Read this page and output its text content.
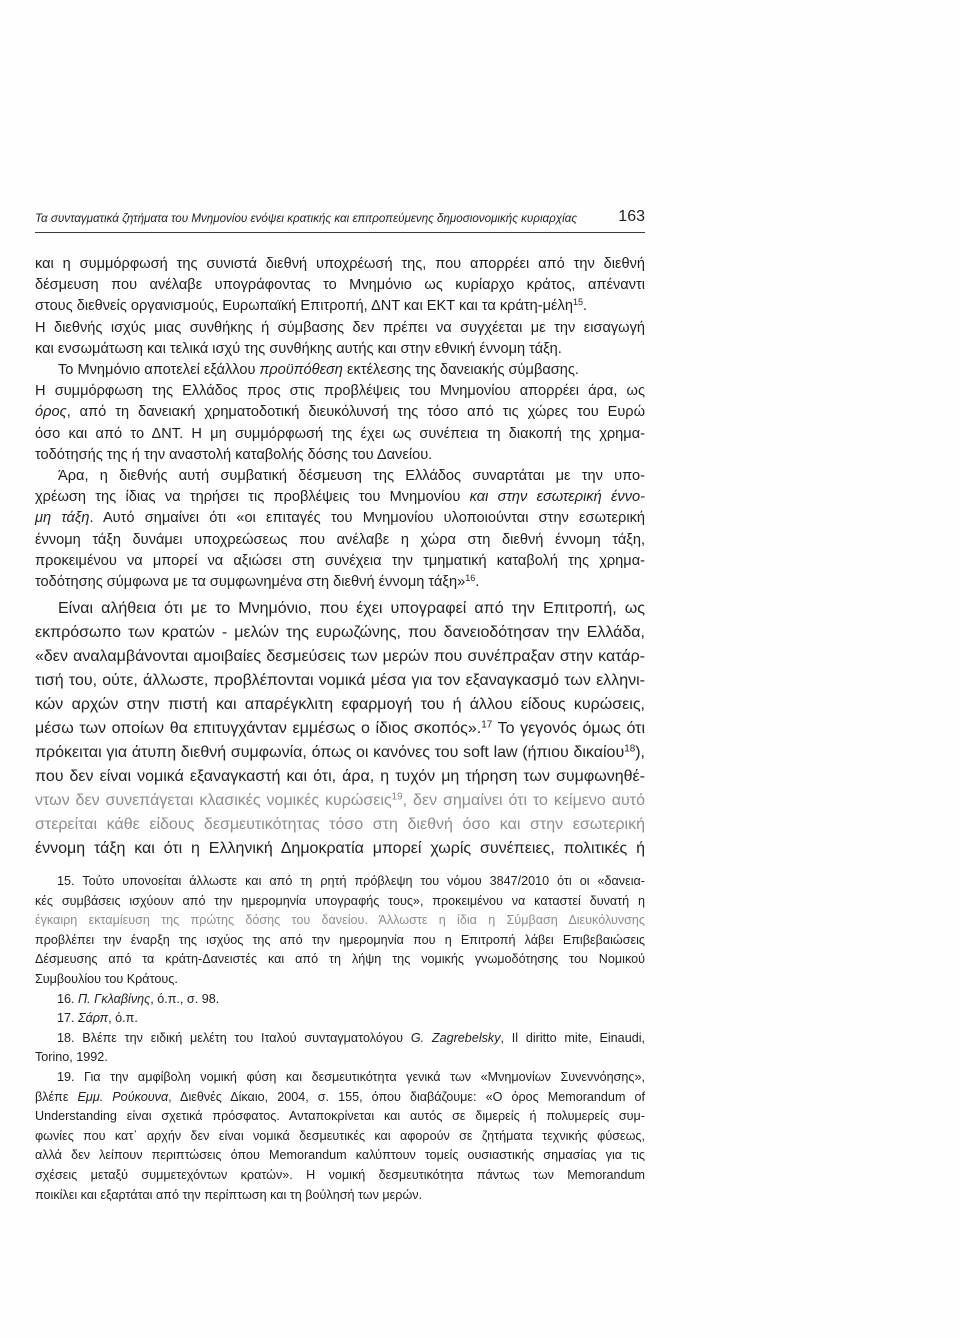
Τα συνταγματικά ζητήματα του Μνημονίου ενόψει κρατικής και επιτροπεύμενης δημοσιονομικής κυριαρχίας	163
και η συμμόρφωσή της συνιστά διεθνή υποχρέωσή της, που απορρέει από την διεθνή
δέσμευση που ανέλαβε υπογράφοντας το Μνημόνιο ως κυρίαρχο κράτος, απέναντι
στους διεθνείς οργανισμούς, Ευρωπαϊκή Επιτροπή, ΔΝΤ και ΕΚΤ και τα κράτη-μέλη$^{15}$.
Η διεθνής ισχύς μιας συνθήκης ή σύμβασης δεν πρέπει να συγχέεται με την εισαγωγή
και ενσωμάτωση και τελικά ισχύ της συνθήκης αυτής και στην εθνική έννομη τάξη.
Το Μνημόνιο αποτελεί εξάλλου προϋπόθεση εκτέλεσης της δανειακής σύμβασης.
Η συμμόρφωση της Ελλάδος προς στις προβλέψεις του Μνημονίου απορρέει άρα, ως
όρος, από τη δανειακή χρηματοδοτική διευκόλυνσή της τόσο από τις χώρες του Ευρώ
όσο και από το ΔΝΤ. Η μη συμμόρφωσή της έχει ως συνέπεια τη διακοπή της χρημα-
τοδότησής της ή την αναστολή καταβολής δόσης του Δανείου.
Άρα, η διεθνής αυτή συμβατική δέσμευση της Ελλάδος συναρτάται με την υπο-
χρέωση της ίδιας να τηρήσει τις προβλέψεις του Μνημονίου και στην εσωτερική έννο-
μη τάξη. Αυτό σημαίνει ότι «οι επιταγές του Μνημονίου υλοποιούνται στην εσωτερική
έννομη τάξη δυνάμει υποχρεώσεως που ανέλαβε η χώρα στη διεθνή έννομη τάξη,
προκειμένου να μπορεί να αξιώσει στη συνέχεια την τμηματική καταβολή της χρημα-
τοδότησης σύμφωνα με τα συμφωνημένα στη διεθνή έννομη τάξη»$^{16}$.
Είναι αλήθεια ότι με το Μνημόνιο, που έχει υπογραφεί από την Επιτροπή, ως
εκπρόσωπο των κρατών - μελών της ευρωζώνης, που δανειοδότησαν την Ελλάδα,
«δεν αναλαμβάνονται αμοιβαίες δεσμεύσεις των μερών που συνέπραξαν στην κατάρ-
τισή του, ούτε, άλλωστε, προβλέπονται νομικά μέσα για τον εξαναγκασμό των ελληνι-
κών αρχών στην πιστή και απαρέγκλιτη εφαρμογή του ή άλλου είδους κυρώσεις,
μέσω των οποίων θα επιτυγχάνταν εμμέσως ο ίδιος σκοπός».$^{17}$ Το γεγονός όμως ότι
πρόκειται για άτυπη διεθνή συμφωνία, όπως οι κανόνες του soft law (ήπιου δικαίου$^{18}$),
που δεν είναι νομικά εξαναγκαστή και ότι, άρα, η τυχόν μη τήρηση των συμφωνηθέ-
ντων δεν συνεπάγεται κλασικές νομικές κυρώσεις$^{19}$, δεν σημαίνει ότι το κείμενο αυτό
στερείται κάθε είδους δεσμευτικότητας τόσο στη διεθνή όσο και στην εσωτερική
έννομη τάξη και ότι η Ελληνική Δημοκρατία μπορεί χωρίς συνέπειες, πολιτικές ή
15. Τούτο υπονοείται άλλωστε και από τη ρητή πρόβλεψη του νόμου 3847/2010 ότι οι «δανεια-
κές συμβάσεις ισχύουν από την ημερομηνία υπογραφής τους», προκειμένου να καταστεί δυνατή η
έγκαιρη εκταμίευση της πρώτης δόσης του δανείου. Άλλωστε η ίδια η Σύμβαση Διευκόλυνσης
προβλέπει την έναρξη της ισχύος της από την ημερομηνία που η Επιτροπή λάβει Επιβεβαιώσεις
Δέσμευσης από τα κράτη-Δανειστές και από τη λήψη της νομικής γνωμοδότησης του Νομικού
Συμβουλίου του Κράτους.
16. Π. Γκλαβίνης, ό.π., σ. 98.
17. Σάρπ, ό.π.
18. Βλέπε την ειδική μελέτη του Ιταλού συνταγματολόγου G. Zagrebelsky, Il diritto mite, Einaudi,
Torino, 1992.
19. Για την αμφίβολη νομική φύση και δεσμευτικότητα γενικά των «Μνημονίων Συνεννόησης»,
βλέπε Εμμ. Ρούκουνα, Διεθνές Δίκαιο, 2004, σ. 155, όπου διαβάζουμε: «Ο όρος Memorandum of
Understanding είναι σχετικά πρόσφατος. Ανταποκρίνεται και αυτός σε διμερείς ή πολυμερείς συμ-
φωνίες που κατ᾽ αρχήν δεν είναι νομικά δεσμευτικές και αφορούν σε ζητήματα τεχνικής φύσεως,
αλλά δεν λείπουν περιπτώσεις όπου Memorandum καλύπτουν τομείς ουσιαστικής σημασίας για τις
σχέσεις μεταξύ συμμετεχόντων κρατών». Η νομική δεσμευτικότητα πάντως των Memorandum
ποικίλει και εξαρτάται από την περίπτωση και τη βούλησή των μερών.
